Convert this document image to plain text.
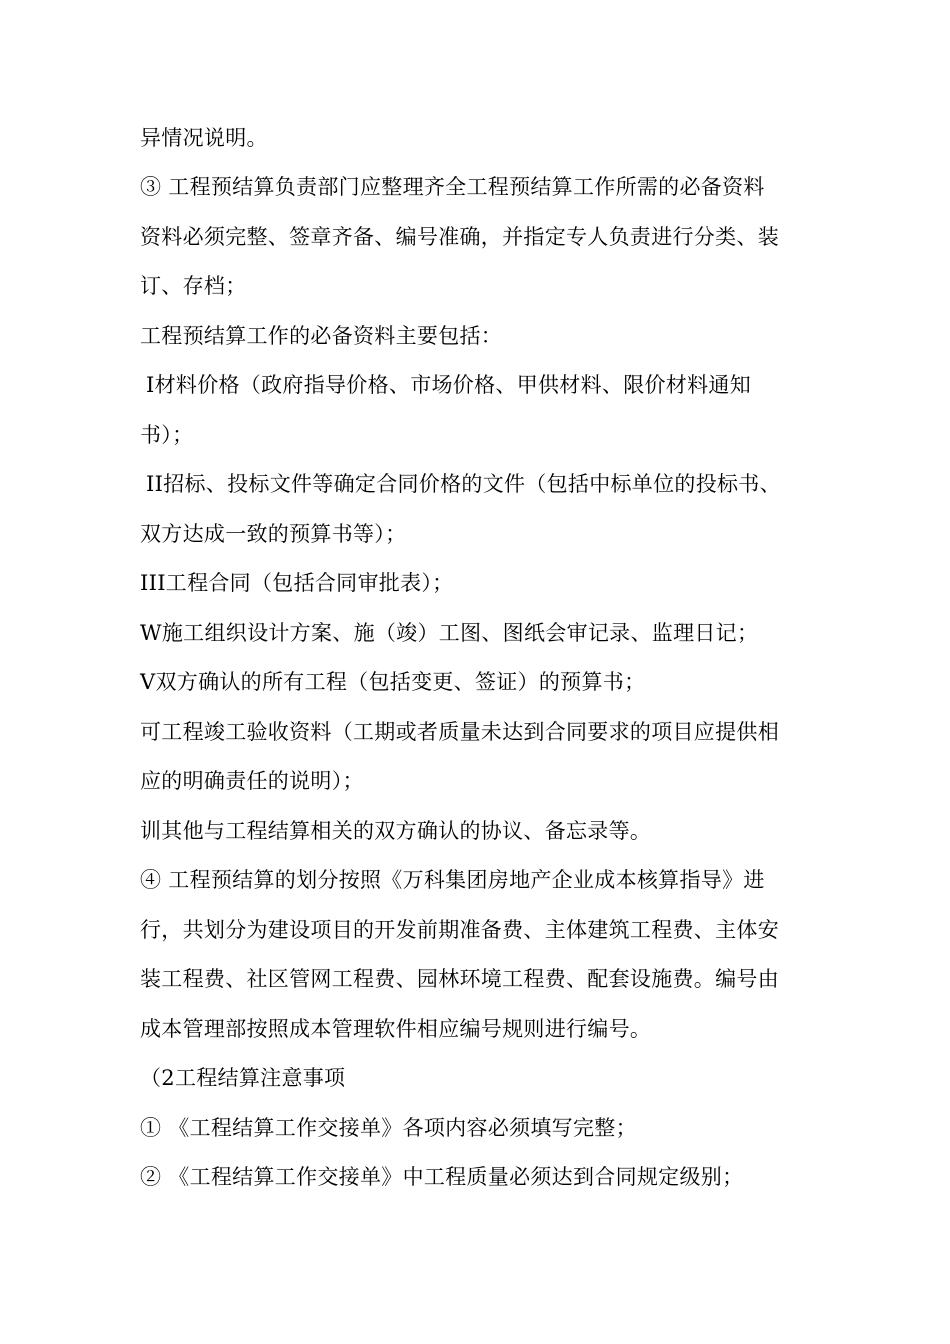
异情况说明。
③ 工程预结算负责部门应整理齐全工程预结算工作所需的必备资料
资料必须完整、签章齐备、编号准确，并指定专人负责进行分类、装
订、存档；
工程预结算工作的必备资料主要包括：
I材料价格（政府指导价格、市场价格、甲供材料、限价材料通知
书）；
II招标、投标文件等确定合同价格的文件（包括中标单位的投标书、
双方达成一致的预算书等）；
III工程合同（包括合同审批表）；
W施工组织设计方案、施（竣）工图、图纸会审记录、监理日记；
V双方确认的所有工程（包括变更、签证）的预算书；
可工程竣工验收资料（工期或者质量未达到合同要求的项目应提供相
应的明确责任的说明）；
训其他与工程结算相关的双方确认的协议、备忘录等。
④ 工程预结算的划分按照《万科集团房地产企业成本核算指导》进
行，共划分为建设项目的开发前期准备费、主体建筑工程费、主体安
装工程费、社区管网工程费、园林环境工程费、配套设施费。编号由
成本管理部按照成本管理软件相应编号规则进行编号。
（2工程结算注意事项
① 《工程结算工作交接单》各项内容必须填写完整；
② 《工程结算工作交接单》中工程质量必须达到合同规定级别；
